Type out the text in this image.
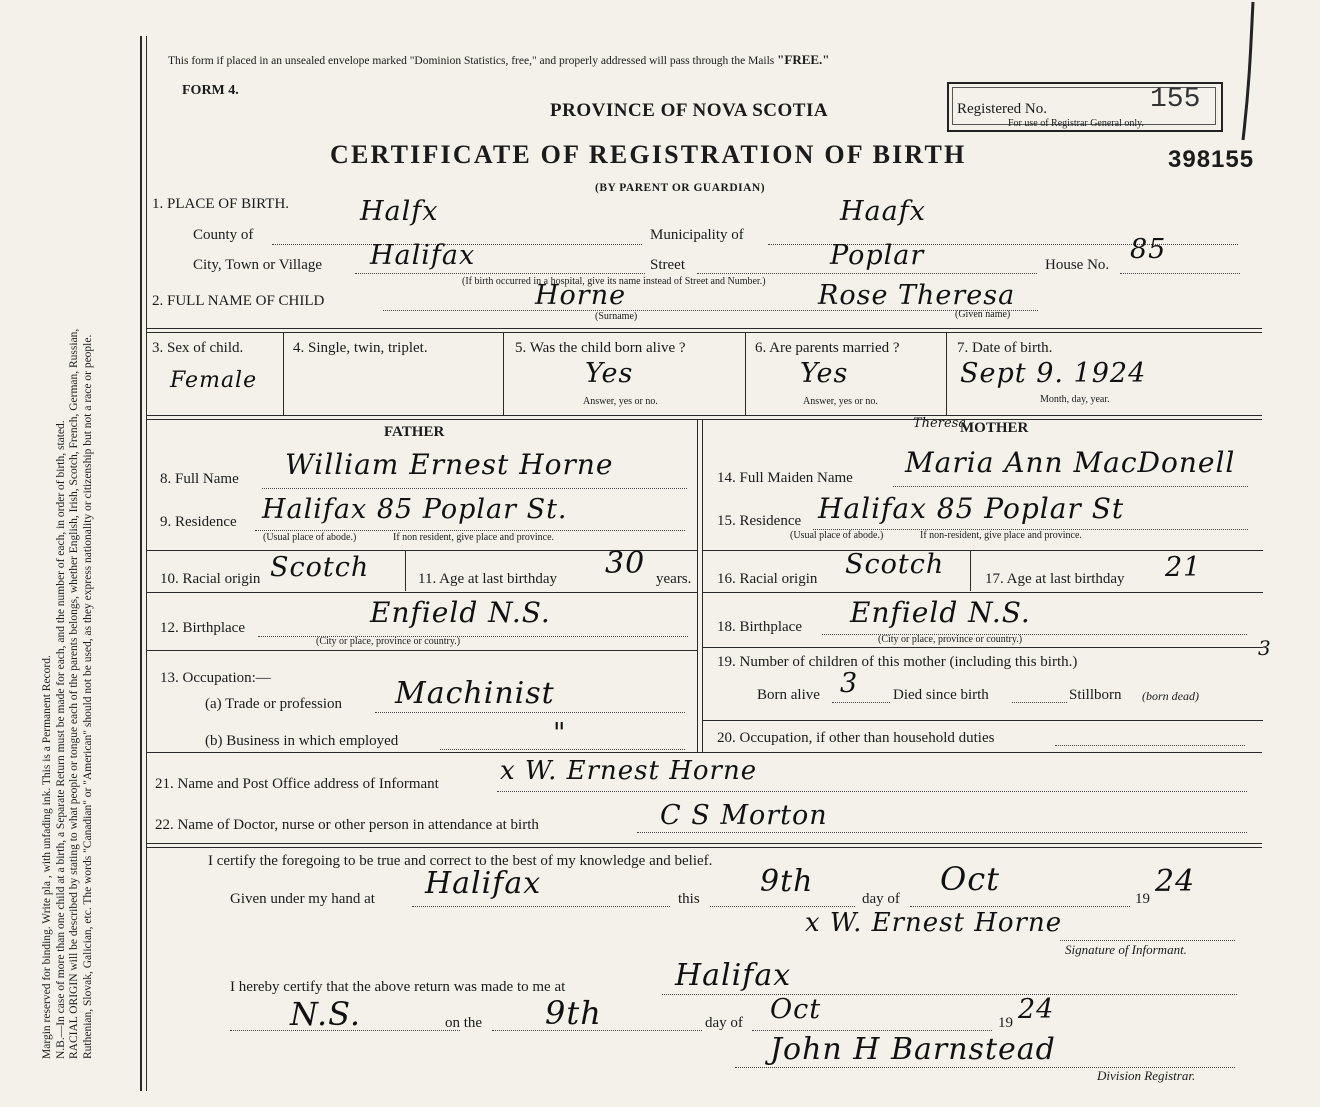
Margin reserved for binding. Write pla , with unfading ink. This is a Permanent Record. N.B.—In case of more than one child at a birth, a Separate Return must be made for each, and the number of each, in order of birth, stated. RACIAL ORIGIN will be described by stating to what people or tongue each of the parents belongs, whether English, Irish, Scotch, French, German, Russian, Ruthenian, Slovak, Galician, etc. The words "Canadian" or "American" should not be used, as they express nationality or citizenship but not a race or people.
This form if placed in an unsealed envelope marked "Dominion Statistics, free," and properly addressed will pass through the Mails "FREE."
FORM 4.
PROVINCE OF NOVA SCOTIA	Registered No.	155
For use of Registrar General only.
CERTIFICATE OF REGISTRATION OF BIRTH	398155
(BY PARENT OR GUARDIAN)
1. PLACE OF BIRTH.
County of
Halfx
Municipality of
Haafx
City, Town or Village Halifax	Street	Poplar	House No. 85
(If birth occurred in a hospital, give its name instead of Street and Number.)
2. FULL NAME OF CHILD	Horne	Rose Theresa
(Surname)	(Given name)
3. Sex of child.
Female
4. Single, twin, triplet.	5. Was the child born alive ?
Yes
Answer, yes or no.
6. Are parents married ?
Yes
Answer, yes or no.
7. Date of birth.
Sept 9. 1924
Month, day, year.
FATHER
8. Full Name William Ernest Horne
9. Residence Halifax 85 Poplar St.
(Usual place of abode.)	If non resident, give place and province.
10. Racial origin Scotch	11. Age at last birthday 30 years.
12. Birthplace	Enfield N.S.
(City or place, province or country.)
13. Occupation:—
(a) Trade or profession Machinist
(b) Business in which employed	"
MOTHER
Theresa
14. Full Maiden Name Maria Ann MacDonell
15. Residence Halifax 85 Poplar St
(Usual place of abode.)	If non-resident, give place and province.
16. Racial origin Scotch	17. Age at last birthday 21
18. Birthplace Enfield N.S.
(City or place, province or country.)
19. Number of children of this mother (including this birth.)
3
Born alive 3 Died since birth	Stillborn (born dead)
20. Occupation, if other than household duties
21. Name and Post Office address of Informant x W. Ernest Horne
22. Name of Doctor, nurse or other person in attendance at birth	C S Morton
I certify the foregoing to be true and correct to the best of my knowledge and belief.
Given under my hand at Halifax	this 9th	day of
Oct
19 24
x W. Ernest Horne
Signature of Informant.
I hereby certify that the above return was made to me at	Halifax
N.S.	on the 9th	day of Oct	19 24
John H Barnstead
Division Registrar.
